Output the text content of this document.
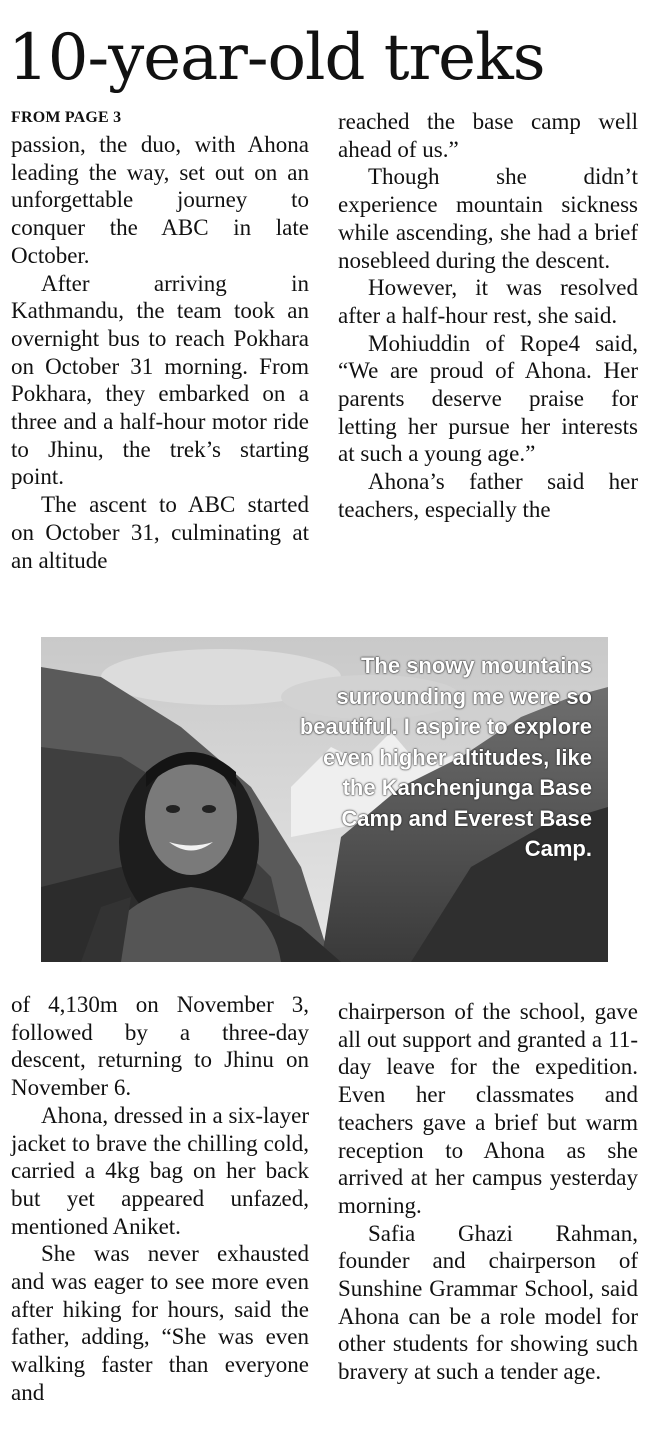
10-year-old treks
FROM PAGE 3

passion, the duo, with Ahona leading the way, set out on an unforgettable journey to conquer the ABC in late October.

After arriving in Kathmandu, the team took an overnight bus to reach Pokhara on October 31 morning. From Pokhara, they embarked on a three and a half-hour motor ride to Jhinu, the trek’s starting point.

The ascent to ABC started on October 31, culminating at an altitude

reached the base camp well ahead of us.”

Though she didn’t experience mountain sickness while ascending, she had a brief nosebleed during the descent.

However, it was resolved after a half-hour rest, she said.

Mohiuddin of Rope4 said, “We are proud of Ahona. Her parents deserve praise for letting her pursue her interests at such a young age.”

Ahona’s father said her teachers, especially the

The snowy mountains surrounding me were so beautiful. I aspire to explore even higher altitudes, like the Kanchenjunga Base Camp and Everest Base Camp.

of 4,130m on November 3, followed by a three-day descent, returning to Jhinu on November 6.

Ahona, dressed in a six-layer jacket to brave the chilling cold, carried a 4kg bag on her back but yet appeared unfazed, mentioned Aniket.

She was never exhausted and was eager to see more even after hiking for hours, said the father, adding, “She was even walking faster than everyone and

chairperson of the school, gave all out support and granted a 11-day leave for the expedition. Even her classmates and teachers gave a brief but warm reception to Ahona as she arrived at her campus yesterday morning.

Safia Ghazi Rahman, founder and chairperson of Sunshine Grammar School, said Ahona can be a role model for other students for showing such bravery at such a tender age.
